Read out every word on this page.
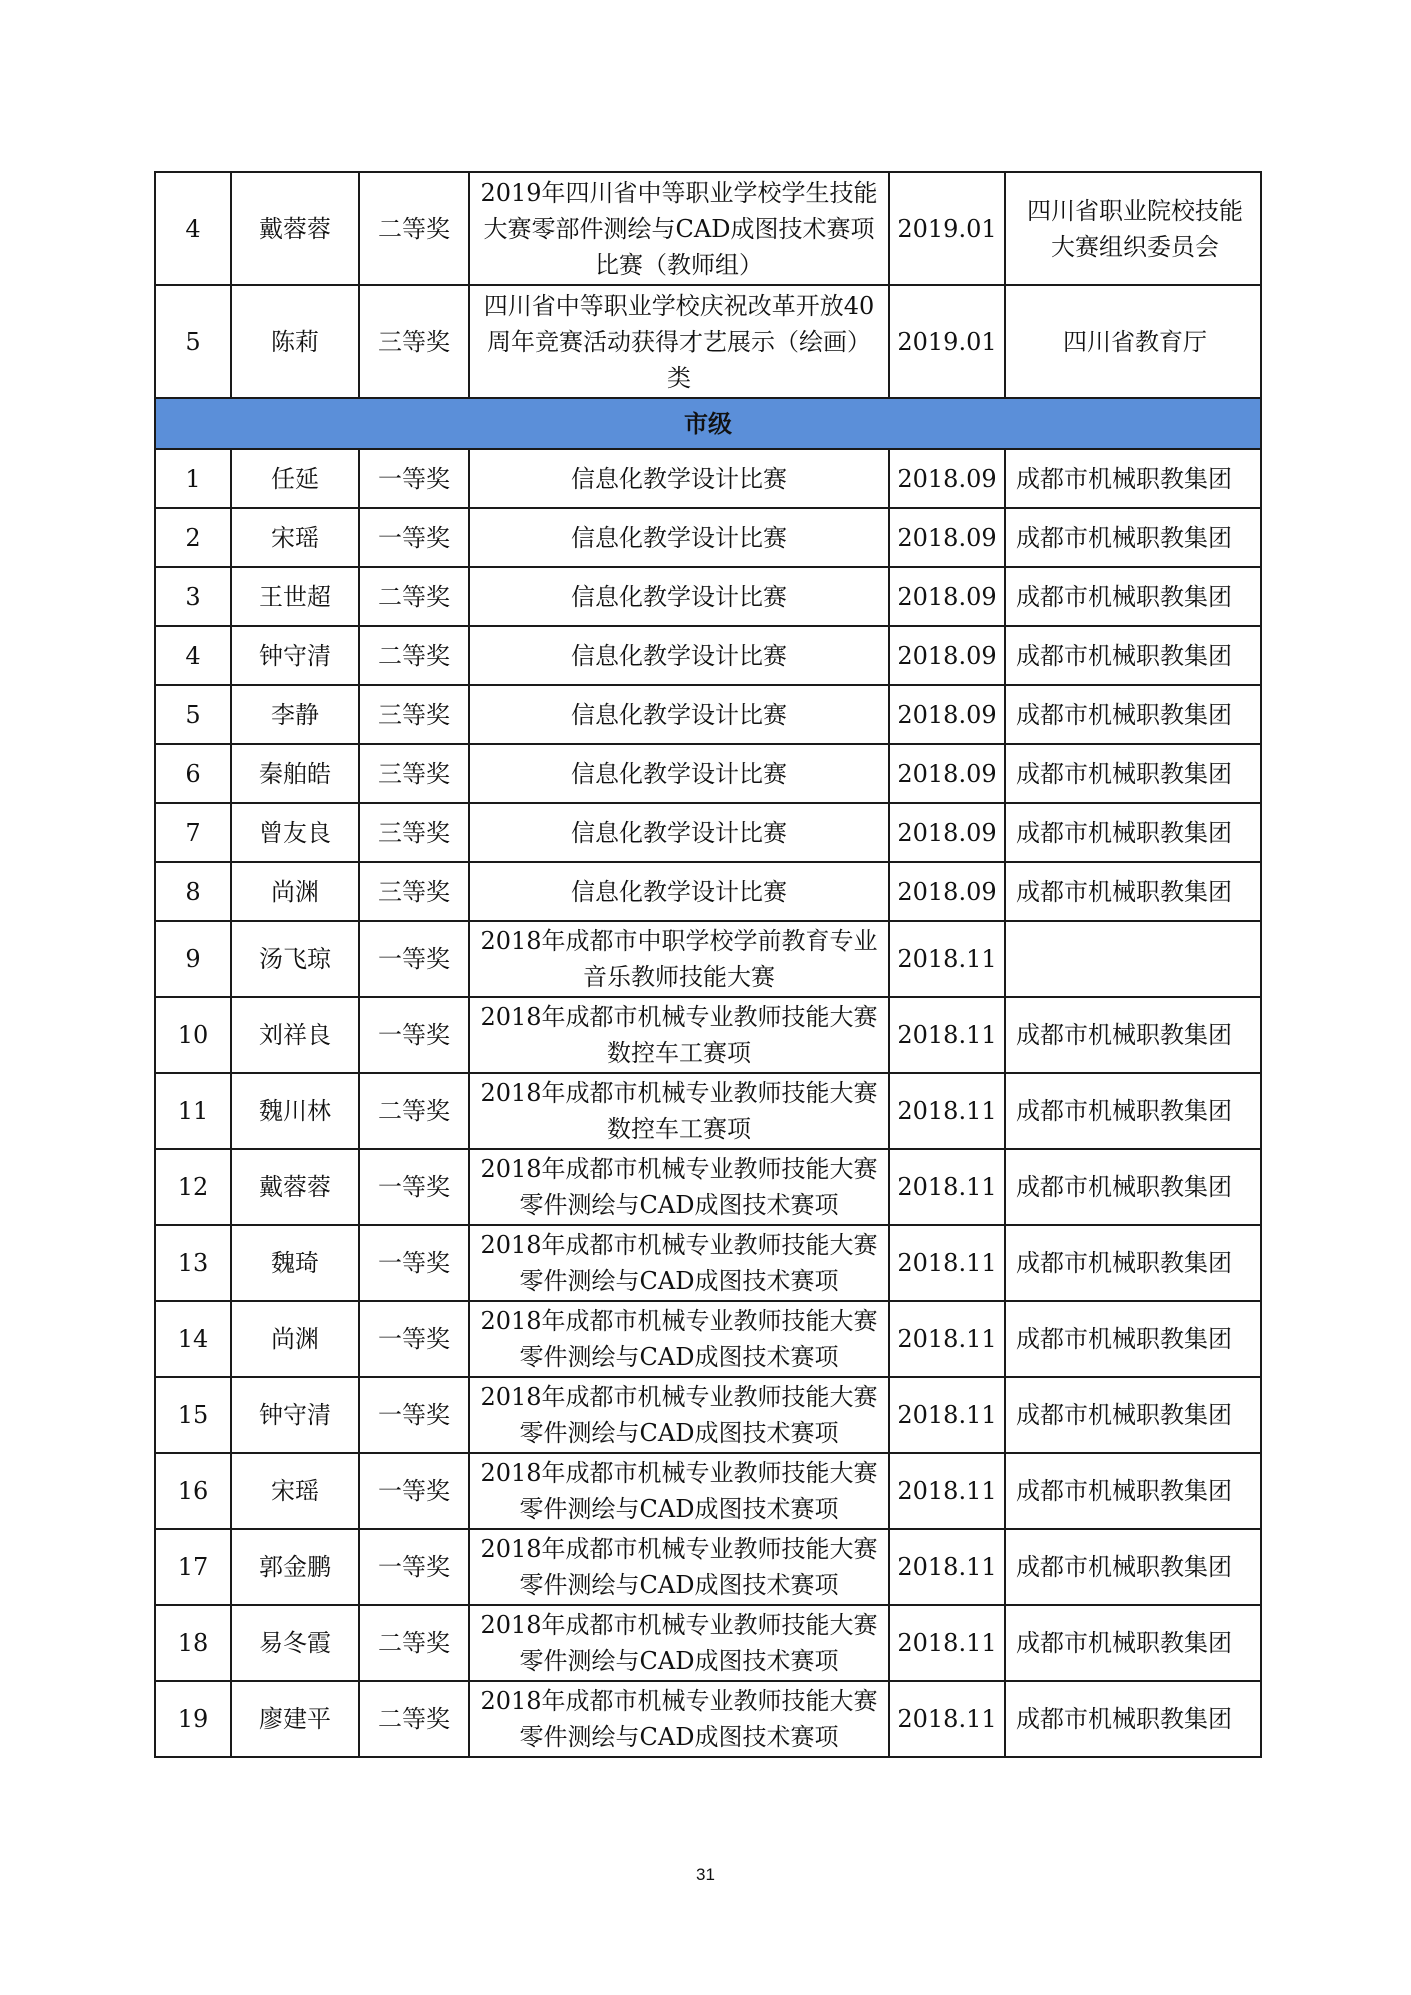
4	戴蓉蓉	二等奖	2019年四川省中等职业学校学生技能大赛零部件测绘与CAD成图技术赛项比赛（教师组）	2019.01	四川省职业院校技能大赛组织委员会
5	陈莉	三等奖	四川省中等职业学校庆祝改革开放40周年竞赛活动获得才艺展示（绘画）类	2019.01	四川省教育厅
市级					
1	任延	一等奖	信息化教学设计比赛	2018.09	成都市机械职教集团
2	宋瑶	一等奖	信息化教学设计比赛	2018.09	成都市机械职教集团
3	王世超	二等奖	信息化教学设计比赛	2018.09	成都市机械职教集团
4	钟守清	二等奖	信息化教学设计比赛	2018.09	成都市机械职教集团
5	李静	三等奖	信息化教学设计比赛	2018.09	成都市机械职教集团
6	秦舶皓	三等奖	信息化教学设计比赛	2018.09	成都市机械职教集团
7	曾友良	三等奖	信息化教学设计比赛	2018.09	成都市机械职教集团
8	尚渊	三等奖	信息化教学设计比赛	2018.09	成都市机械职教集团
9	汤飞琼	一等奖	2018年成都市中职学校学前教育专业音乐教师技能大赛	2018.11	
10	刘祥良	一等奖	2018年成都市机械专业教师技能大赛数控车工赛项	2018.11	成都市机械职教集团
11	魏川林	二等奖	2018年成都市机械专业教师技能大赛数控车工赛项	2018.11	成都市机械职教集团
12	戴蓉蓉	一等奖	2018年成都市机械专业教师技能大赛零件测绘与CAD成图技术赛项	2018.11	成都市机械职教集团
13	魏琦	一等奖	2018年成都市机械专业教师技能大赛零件测绘与CAD成图技术赛项	2018.11	成都市机械职教集团
14	尚渊	一等奖	2018年成都市机械专业教师技能大赛零件测绘与CAD成图技术赛项	2018.11	成都市机械职教集团
15	钟守清	一等奖	2018年成都市机械专业教师技能大赛零件测绘与CAD成图技术赛项	2018.11	成都市机械职教集团
16	宋瑶	一等奖	2018年成都市机械专业教师技能大赛零件测绘与CAD成图技术赛项	2018.11	成都市机械职教集团
17	郭金鹏	一等奖	2018年成都市机械专业教师技能大赛零件测绘与CAD成图技术赛项	2018.11	成都市机械职教集团
18	易冬霞	二等奖	2018年成都市机械专业教师技能大赛零件测绘与CAD成图技术赛项	2018.11	成都市机械职教集团
19	廖建平	二等奖	2018年成都市机械专业教师技能大赛零件测绘与CAD成图技术赛项	2018.11	成都市机械职教集团
31
